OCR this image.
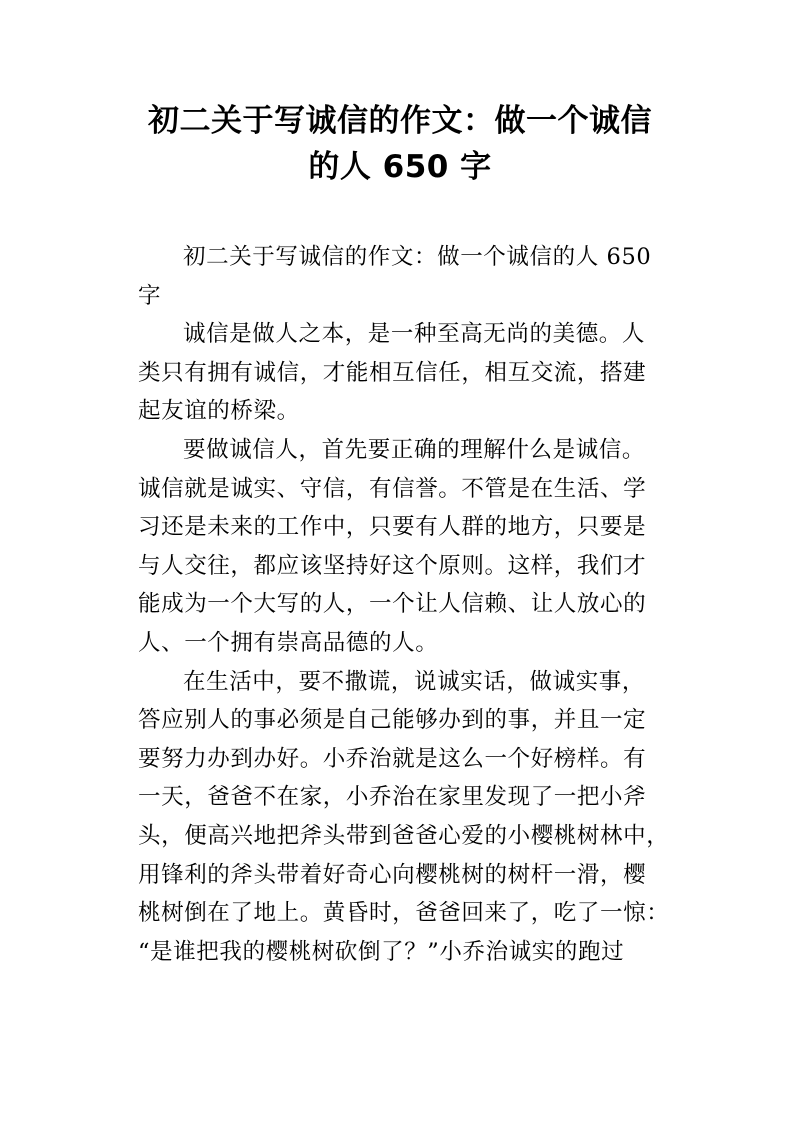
初二关于写诚信的作文：做一个诚信
的人 650 字
初二关于写诚信的作文：做一个诚信的人 650
字
诚信是做人之本，是一种至高无尚的美德。人
类只有拥有诚信，才能相互信任，相互交流，搭建
起友谊的桥梁。
要做诚信人，首先要正确的理解什么是诚信。
诚信就是诚实、守信，有信誉。不管是在生活、学
习还是未来的工作中，只要有人群的地方，只要是
与人交往，都应该坚持好这个原则。这样，我们才
能成为一个大写的人，一个让人信赖、让人放心的
人、一个拥有崇高品德的人。
在生活中，要不撒谎，说诚实话，做诚实事，
答应别人的事必须是自己能够办到的事，并且一定
要努力办到办好。小乔治就是这么一个好榜样。有
一天，爸爸不在家，小乔治在家里发现了一把小斧
头，便高兴地把斧头带到爸爸心爱的小樱桃树林中，
用锋利的斧头带着好奇心向樱桃树的树杆一滑，樱
桃树倒在了地上。黄昏时，爸爸回来了，吃了一惊：
“是谁把我的樱桃树砍倒了？”小乔治诚实的跑过
